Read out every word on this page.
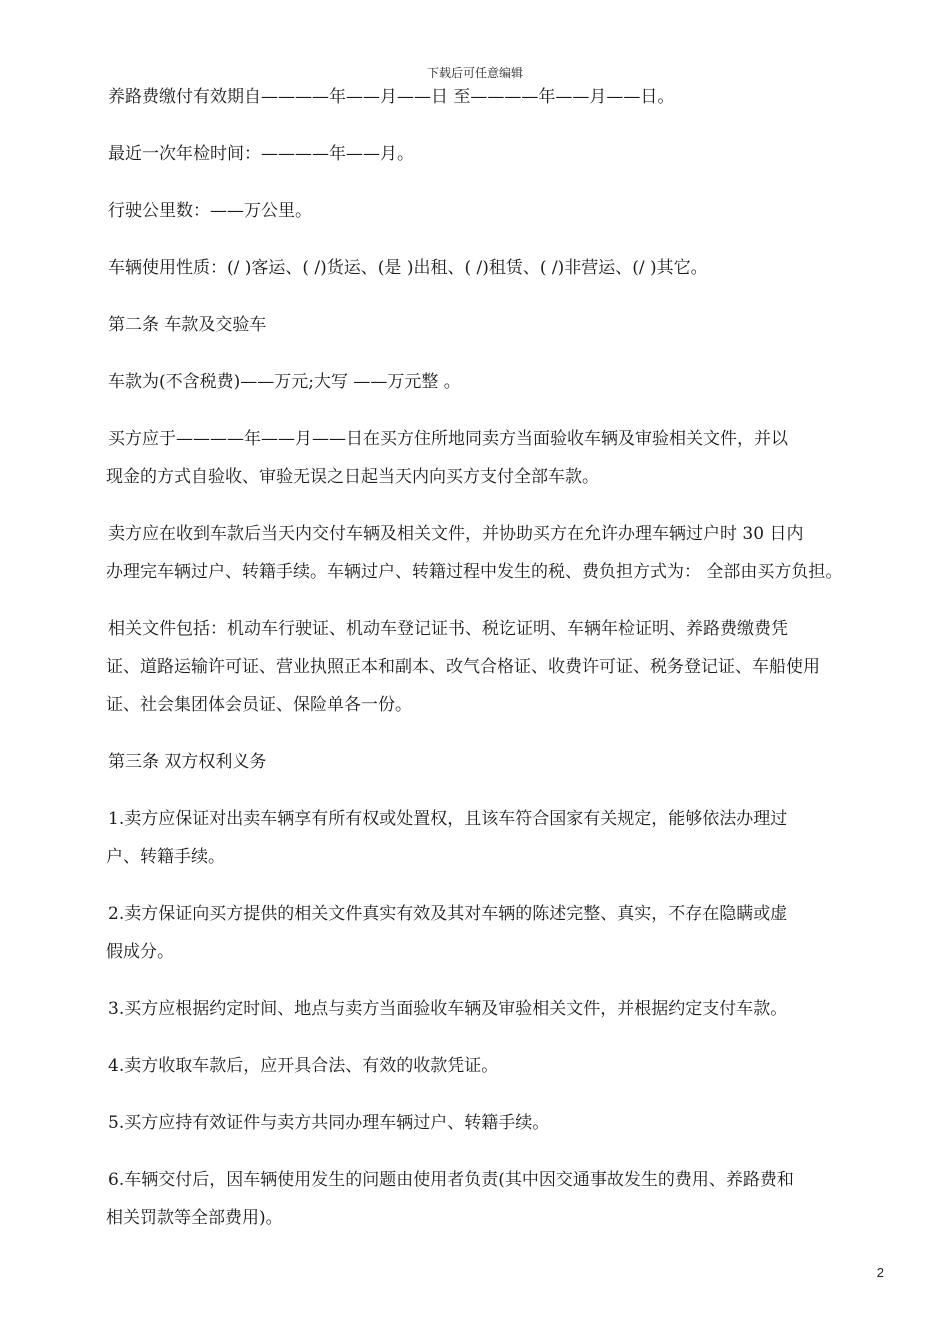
下载后可任意编辑

养路费缴付有效期自————年——月——日 至————年——月——日。

最近一次年检时间：————年——月。

行驶公里数：——万公里。

车辆使用性质：(/ )客运、( /)货运、(是 )出租、( /)租赁、( /)非营运、(/ )其它。

第二条 车款及交验车

车款为(不含税费)——万元;大写 ——万元整 。

买方应于————年——月——日在买方住所地同卖方当面验收车辆及审验相关文件，并以
现金的方式自验收、审验无误之日起当天内向买方支付全部车款。
卖方应在收到车款后当天内交付车辆及相关文件，并协助买方在允许办理车辆过户时 30 日内
办理完车辆过户、转籍手续。车辆过户、转籍过程中发生的税、费负担方式为： 全部由买方负担。
相关文件包括：机动车行驶证、机动车登记证书、税讫证明、车辆年检证明、养路费缴费凭
证、道路运输许可证、营业执照正本和副本、改气合格证、收费许可证、税务登记证、车船使用
证、社会集团体会员证、保险单各一份。

第三条 双方权利义务

1.卖方应保证对出卖车辆享有所有权或处置权，且该车符合国家有关规定，能够依法办理过
户、转籍手续。
2.卖方保证向买方提供的相关文件真实有效及其对车辆的陈述完整、真实，不存在隐瞒或虚
假成分。

3.买方应根据约定时间、地点与卖方当面验收车辆及审验相关文件，并根据约定支付车款。

4.卖方收取车款后，应开具合法、有效的收款凭证。

5.买方应持有效证件与卖方共同办理车辆过户、转籍手续。

6.车辆交付后，因车辆使用发生的问题由使用者负责(其中因交通事故发生的费用、养路费和
相关罚款等全部费用)。
2
